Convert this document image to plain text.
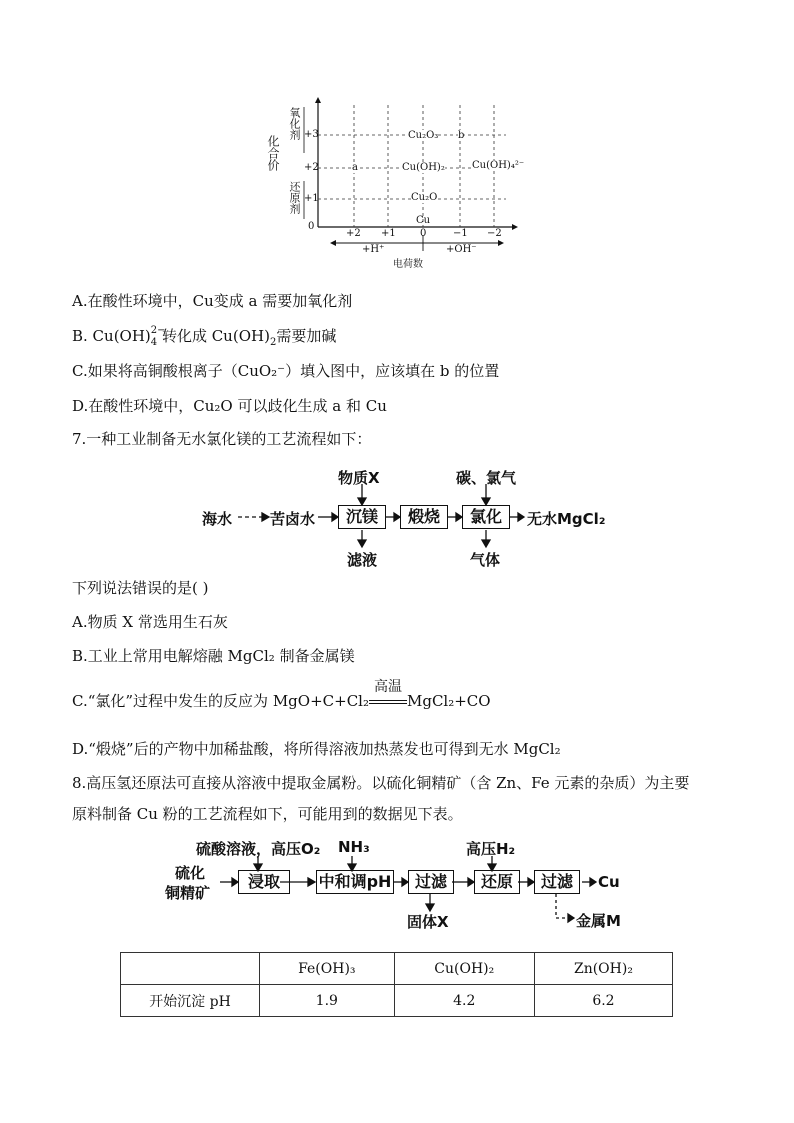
化合价
氧化剂
还原剂
+3
+2
+1
0
+2 +1 0	−1 −2
+H⁺	+OH⁻
电荷数
Cu₂O₃ b
a	Cu(OH)₂	Cu(OH)₄²⁻
Cu₂O
Cu
A.在酸性环境中，Cu变成 a 需要加氧化剂
B. $Cu(OH)_{4 2-}$
转化成 $Cu(OH)_2$需要加碱
C.如果将高铜酸根离子（CuO₂⁻）填入图中，应该填在 b 的位置
D.在酸性环境中，Cu₂O 可以歧化生成 a 和 Cu
7.一种工业制备无水氯化镁的工艺流程如下：
海水	苦卤水	沉镁	煅烧	氯化	无水MgCl₂
物质X	碳、氯气
滤液	气体
下列说法错误的是( )
A.物质 X 常选用生石灰
B.工业上常用电解熔融 MgCl₂ 制备金属镁
C.“氯化”过程中发生的反应为 MgO+C+Cl₂
高温
MgCl₂+CO
D.“煅烧”后的产物中加稀盐酸，将所得溶液加热蒸发也可得到无水 MgCl₂
8.高压氢还原法可直接从溶液中提取金属粉。以硫化铜精矿（含 Zn、Fe 元素的杂质）为主要
原料制备 Cu 粉的工艺流程如下，可能用到的数据见下表。
硫化
铜精矿
浸取	中和调pH	过滤	还原	过滤	Cu
硫酸溶液，高压O₂ NH₃	高压H₂
固体X	金属M
	Fe(OH)₃	Cu(OH)₂	Zn(OH)₂
开始沉淀 pH	1.9	4.2	6.2
